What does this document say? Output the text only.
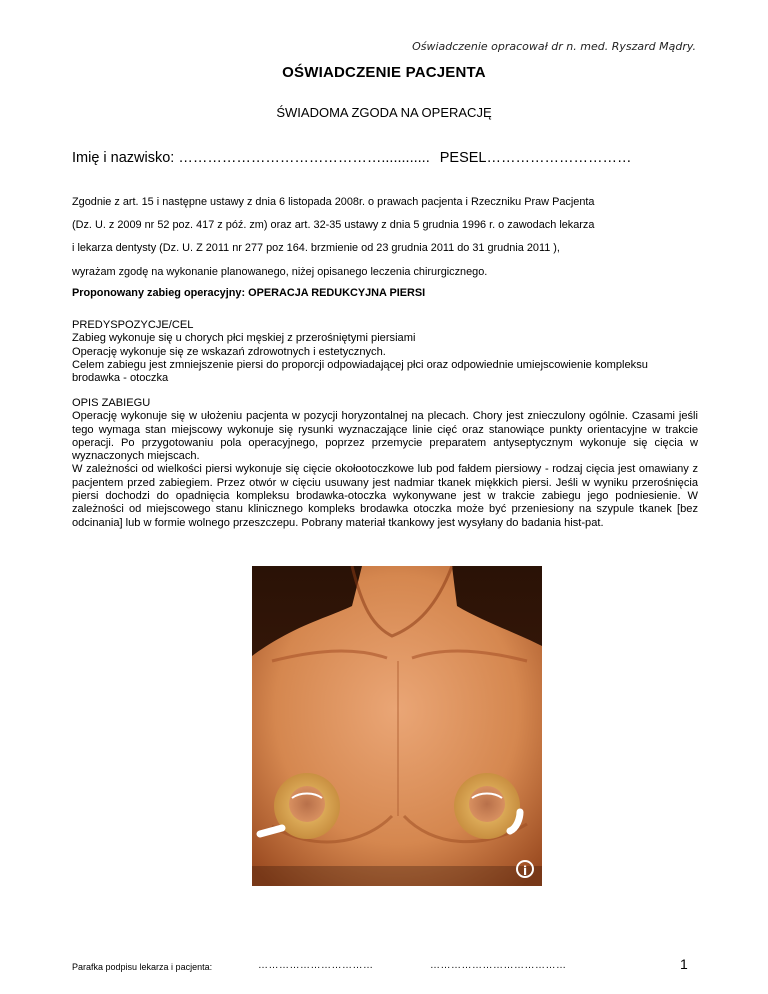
Oświadczenie opracował dr n. med. Ryszard Mądry.
OŚWIADCZENIE PACJENTA
ŚWIADOMA ZGODA NA OPERACJĘ
Imię i nazwisko: ……………………………………............ PESEL…………………………

Zgodnie z art. 15 i następne ustawy z dnia 6 listopada 2008r. o prawach pacjenta i Rzeczniku Praw Pacjenta

(Dz. U. z 2009 nr 52 poz. 417 z póź. zm) oraz art. 32-35 ustawy z dnia 5 grudnia 1996 r. o zawodach lekarza

i lekarza dentysty (Dz. U. Z 2011 nr 277 poz 164. brzmienie od 23 grudnia 2011 do 31 grudnia 2011 ),

wyrażam zgodę na wykonanie planowanego, niżej opisanego leczenia chirurgicznego.

Proponowany zabieg operacyjny: OPERACJA REDUKCYJNA PIERSI

PREDYSPOZYCJE/CEL

Zabieg wykonuje się u chorych płci męskiej z przerośniętymi piersiami

Operację wykonuje się ze wskazań zdrowotnych i estetycznych.

Celem zabiegu jest zmniejszenie piersi do proporcji odpowiadającej płci oraz odpowiednie umiejscowienie kompleksu brodawka - otoczka

OPIS ZABIEGU

Operację wykonuje się w ułożeniu pacjenta w pozycji horyzontalnej na plecach. Chory jest znieczulony ogólnie. Czasami jeśli tego wymaga stan miejscowy wykonuje się rysunki wyznaczające linie cięć oraz stanowiące punkty orientacyjne w trakcie operacji. Po przygotowaniu pola operacyjnego, poprzez przemycie preparatem antyseptycznym wykonuje się cięcia w wyznaczonych miejscach.

W zależności od wielkości piersi wykonuje się cięcie okołootoczkowe lub pod fałdem piersiowy - rodzaj cięcia jest omawiany z pacjentem przed zabiegiem. Przez otwór w cięciu usuwany jest nadmiar tkanek miękkich piersi. Jeśli w wyniku przerośnięcia piersi dochodzi do opadnięcia kompleksu brodawka-otoczka wykonywane jest w trakcie zabiegu jego podniesienie. W zależności od miejscowego stanu klinicznego kompleks brodawka otoczka może być przeniesiony na szypule tkanek [bez odcinania] lub w formie wolnego przeszczepu. Pobrany materiał tkankowy jest wysyłany do badania hist-pat.

i
Parafka podpisu lekarza i pacjenta:	……………………………	…………………………………	1
